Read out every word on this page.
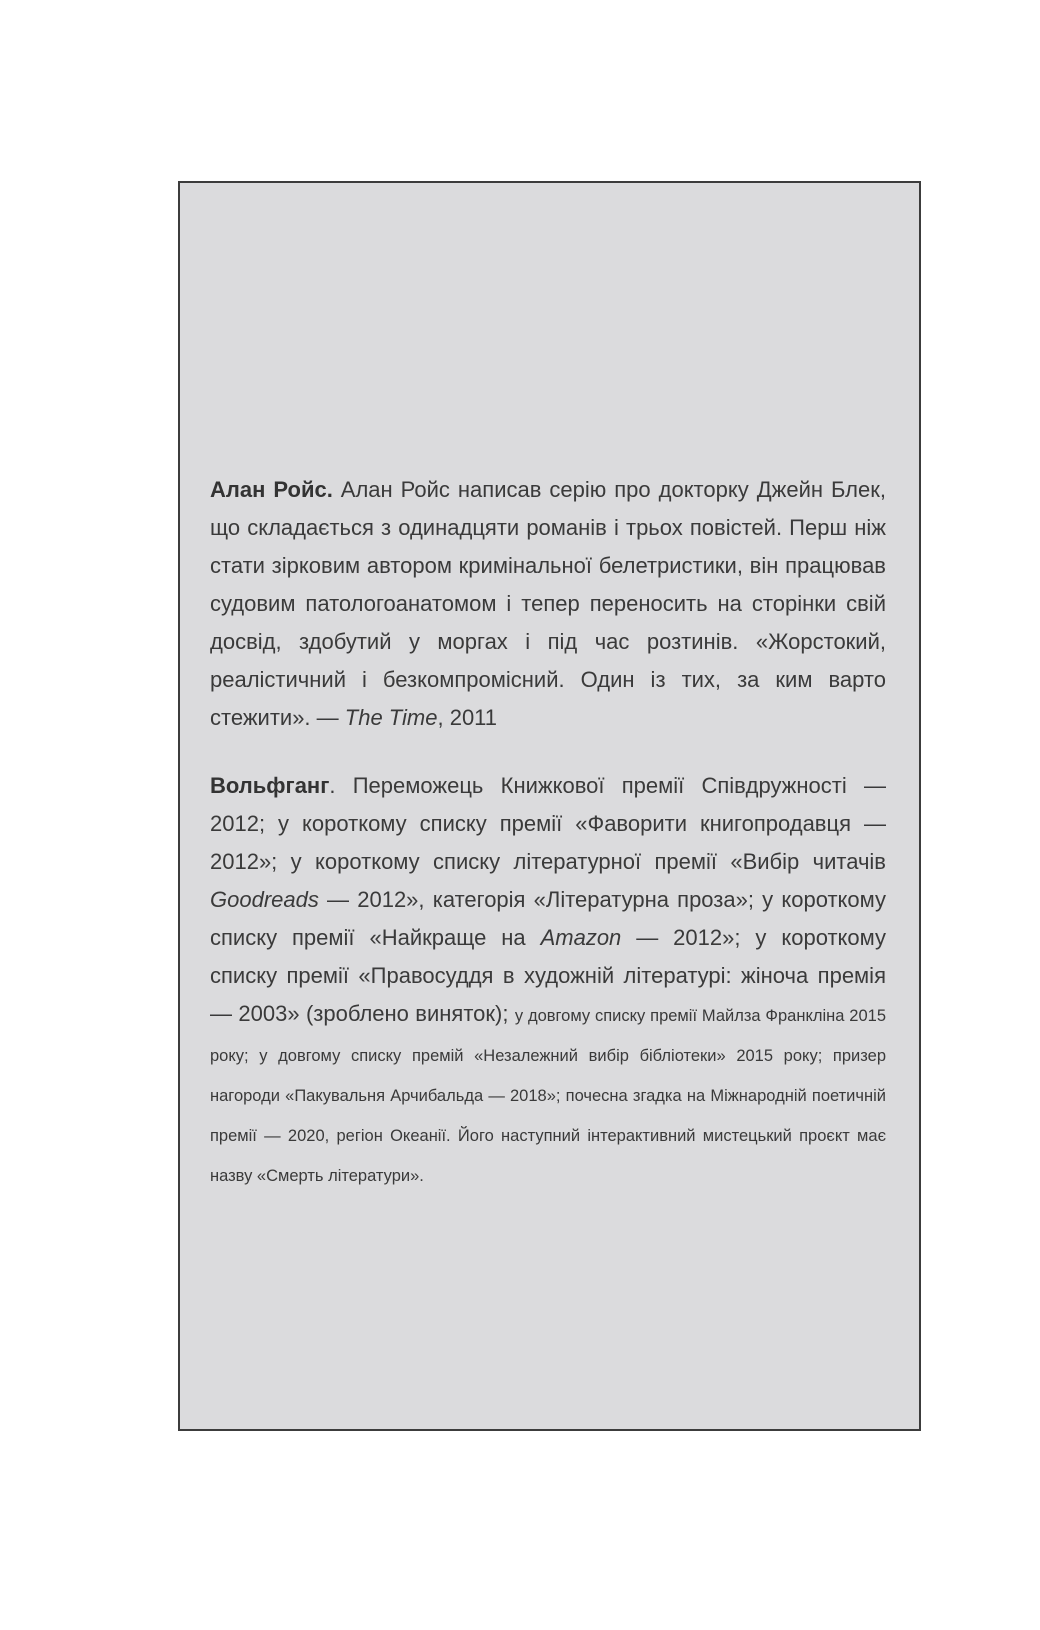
Алан Ройс. Алан Ройс написав серію про докторку Джейн Блек, що складається з одинадцяти романів і трьох повістей. Перш ніж стати зірковим автором кримінальної белетристики, він працював судовим патологоанатомом і тепер переносить на сторінки свій досвід, здобутий у моргах і під час розтинів. «Жорстокий, реалістичний і безкомпромісний. Один із тих, за ким варто стежити». — The Time, 2011

Вольфганг. Переможець Книжкової премії Співдружності — 2012; у короткому списку премії «Фаворити книгопродавця — 2012»; у короткому списку літературної премії «Вибір читачів Goodreads — 2012», категорія «Літературна проза»; у короткому списку премії «Найкраще на Amazon — 2012»; у короткому списку премії «Правосуддя в художній літературі: жіноча премія — 2003» (зроблено виняток); у довгому списку премії Майлза Франкліна 2015 року; у довгому списку премій «Незалежний вибір бібліотеки» 2015 року; призер нагороди «Пакувальня Арчибальда — 2018»; почесна згадка на Міжнародній поетичній премії — 2020, регіон Океанії. Його наступний інтерактивний мистецький проєкт має назву «Смерть літератури».
